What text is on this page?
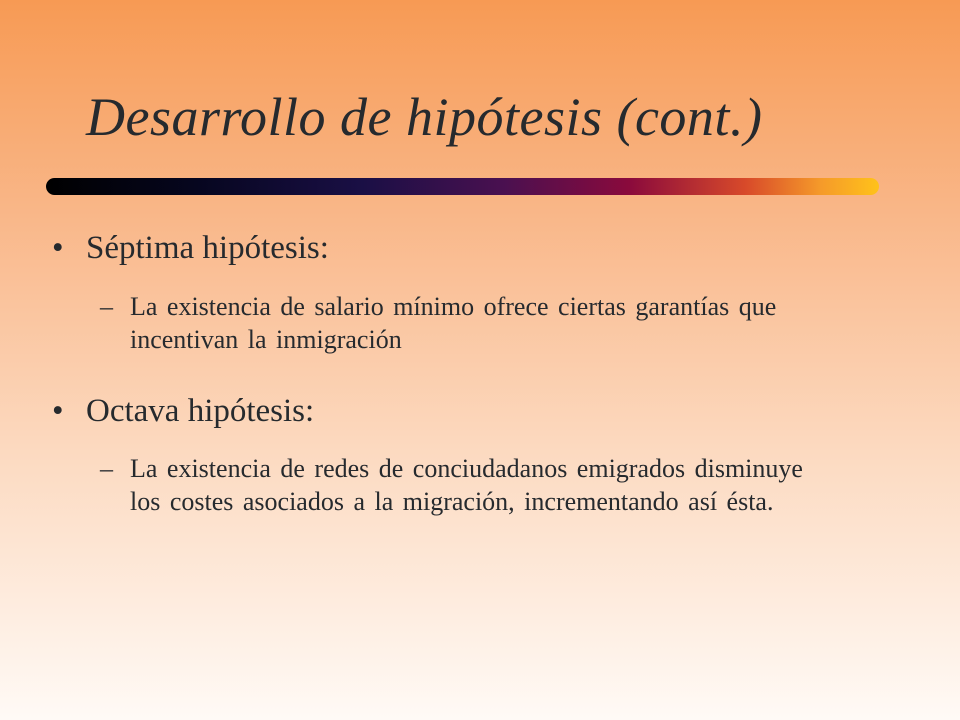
Desarrollo de hipótesis (cont.)
• Séptima hipótesis:
– La existencia de salario mínimo ofrece ciertas garantías que incentivan la inmigración
• Octava hipótesis:
– La existencia de redes de conciudadanos emigrados disminuye los costes asociados a la migración, incrementando así ésta.
